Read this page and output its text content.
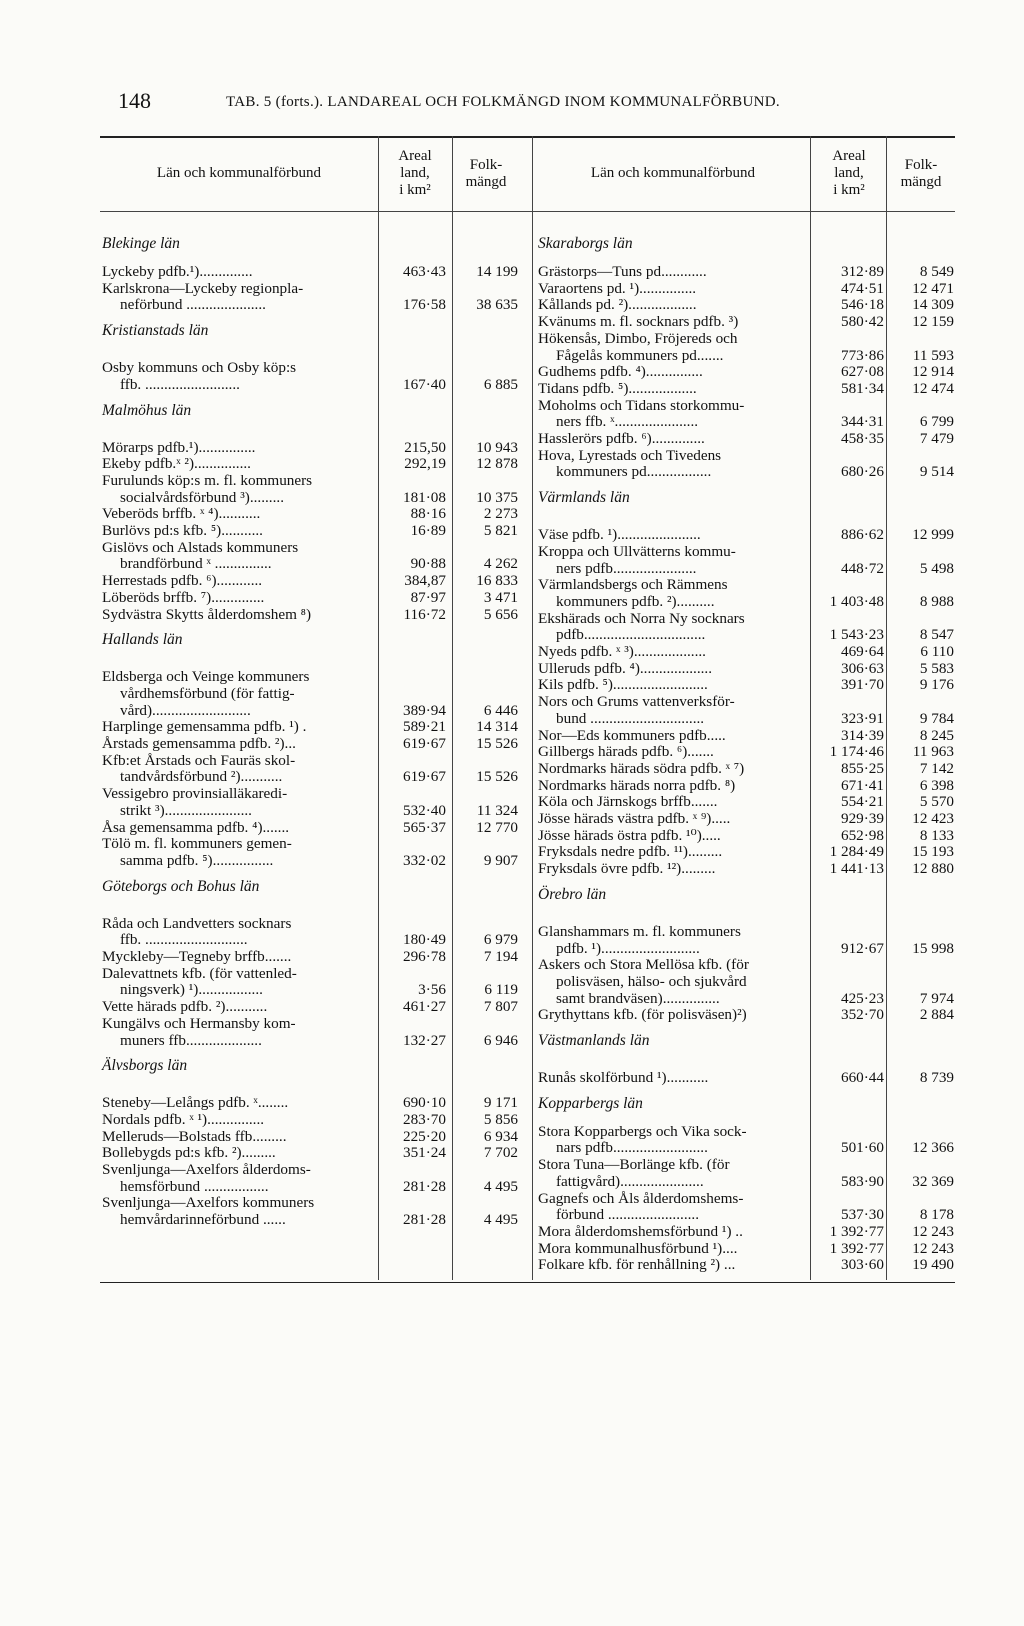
148	TAB. 5 (forts.). LANDAREAL OCH FOLKMÄNGD INOM KOMMUNALFÖRBUND.
Län och kommunalförbund
Areal
land,
i km²
Folk-
mängd
Blekinge län
Lyckeby pdfb.¹)..............	463·43	14 199
Karlskrona—Lyckeby regionpla-
neförbund .....................	176·58	38 635
Kristianstads län
Osby kommuns och Osby köp:s
ffb. .........................	167·40	6 885
Malmöhus län
Mörarps pdfb.¹)...............	215,50	10 943
Ekeby pdfb.ˣ ²)...............	292,19	12 878
Furulunds köp:s m. fl. kommuners
socialvårdsförbund ³).........	181·08	10 375
Veberöds brffb. ˣ ⁴)...........	88·16	2 273
Burlövs pd:s kfb. ⁵)...........	16·89	5 821
Gislövs och Alstads kommuners
brandförbund ˣ ...............	90·88	4 262
Herrestads pdfb. ⁶)............	384,87	16 833
Löberöds brffb. ⁷)..............	87·97	3 471
Sydvästra Skytts ålderdomshem ⁸)	116·72	5 656
Hallands län
Eldsberga och Veinge kommuners
vårdhemsförbund (för fattig-
vård)..........................	389·94	6 446
Harplinge gemensamma pdfb. ¹) .	589·21	14 314
Årstads gemensamma pdfb. ²)...	619·67	15 526
Kfb:et Årstads och Fauräs skol-
tandvårdsförbund ²)...........	619·67	15 526
Vessigebro provinsialläkaredi-
strikt ³).......................	532·40	11 324
Åsa gemensamma pdfb. ⁴).......	565·37	12 770
Tölö m. fl. kommuners gemen-
samma pdfb. ⁵)................	332·02	9 907
Göteborgs och Bohus län
Råda och Landvetters socknars
ffb. ...........................	180·49	6 979
Myckleby—Tegneby brffb.......	296·78	7 194
Dalevattnets kfb. (för vattenled-
ningsverk) ¹).................	3·56	6 119
Vette härads pdfb. ²)...........	461·27	7 807
Kungälvs och Hermansby kom-
muners ffb....................	132·27	6 946
Älvsborgs län
Steneby—Lelångs pdfb. ˣ........	690·10	9 171
Nordals pdfb. ˣ ¹)...............	283·70	5 856
Melleruds—Bolstads ffb.........	225·20	6 934
Bollebygds pd:s kfb. ²).........	351·24	7 702
Svenljunga—Axelfors ålderdoms-
hemsförbund .................	281·28	4 495
Svenljunga—Axelfors kommuners
hemvårdarinneförbund ......	281·28	4 495
Län och kommunalförbund
Areal
land,
i km²
Folk-
mängd
Skaraborgs län
Grästorps—Tuns pd............	312·89	8 549
Varaortens pd. ¹)...............	474·51	12 471
Kållands pd. ²)..................	546·18	14 309
Kvänums m. fl. socknars pdfb. ³)	580·42	12 159
Hökensås, Dimbo, Fröjereds och
Fågelås kommuners pd.......	773·86	11 593
Gudhems pdfb. ⁴)...............	627·08	12 914
Tidans pdfb. ⁵)..................	581·34	12 474
Moholms och Tidans storkommu-
ners ffb. ˣ......................	344·31	6 799
Hasslerörs pdfb. ⁶)..............	458·35	7 479
Hova, Lyrestads och Tivedens
kommuners pd.................	680·26	9 514
Värmlands län
Väse pdfb. ¹)......................	886·62	12 999
Kroppa och Ullvätterns kommu-
ners pdfb......................	448·72	5 498
Värmlandsbergs och Rämmens
kommuners pdfb. ²)..........	1 403·48	8 988
Ekshärads och Norra Ny socknars
pdfb................................	1 543·23	8 547
Nyeds pdfb. ˣ ³)...................	469·64	6 110
Ulleruds pdfb. ⁴)...................	306·63	5 583
Kils pdfb. ⁵).........................	391·70	9 176
Nors och Grums vattenverksför-
bund ..............................	323·91	9 784
Nor—Eds kommuners pdfb.....	314·39	8 245
Gillbergs härads pdfb. ⁶).......	1 174·46	11 963
Nordmarks härads södra pdfb. ˣ ⁷)	855·25	7 142
Nordmarks härads norra pdfb. ⁸)	671·41	6 398
Köla och Järnskogs brffb.......	554·21	5 570
Jösse härads västra pdfb. ˣ ⁹).....	929·39	12 423
Jösse härads östra pdfb. ¹⁰).....	652·98	8 133
Fryksdals nedre pdfb. ¹¹).........	1 284·49	15 193
Fryksdals övre pdfb. ¹²).........	1 441·13	12 880
Örebro län
Glanshammars m. fl. kommuners
pdfb. ¹)..........................	912·67	15 998
Askers och Stora Mellösa kfb. (för
polisväsen, hälso- och sjukvård
samt brandväsen)...............	425·23	7 974
Grythyttans kfb. (för polisväsen)²)	352·70	2 884
Västmanlands län
Runås skolförbund ¹)...........	660·44	8 739
Kopparbergs län
Stora Kopparbergs och Vika sock-
nars pdfb.........................	501·60	12 366
Stora Tuna—Borlänge kfb. (för
fattigvård)......................	583·90	32 369
Gagnefs och Åls ålderdomshems-
förbund ........................	537·30	8 178
Mora ålderdomshemsförbund ¹) ..	1 392·77	12 243
Mora kommunalhusförbund ¹)....	1 392·77	12 243
Folkare kfb. för renhållning ²) ...	303·60	19 490
